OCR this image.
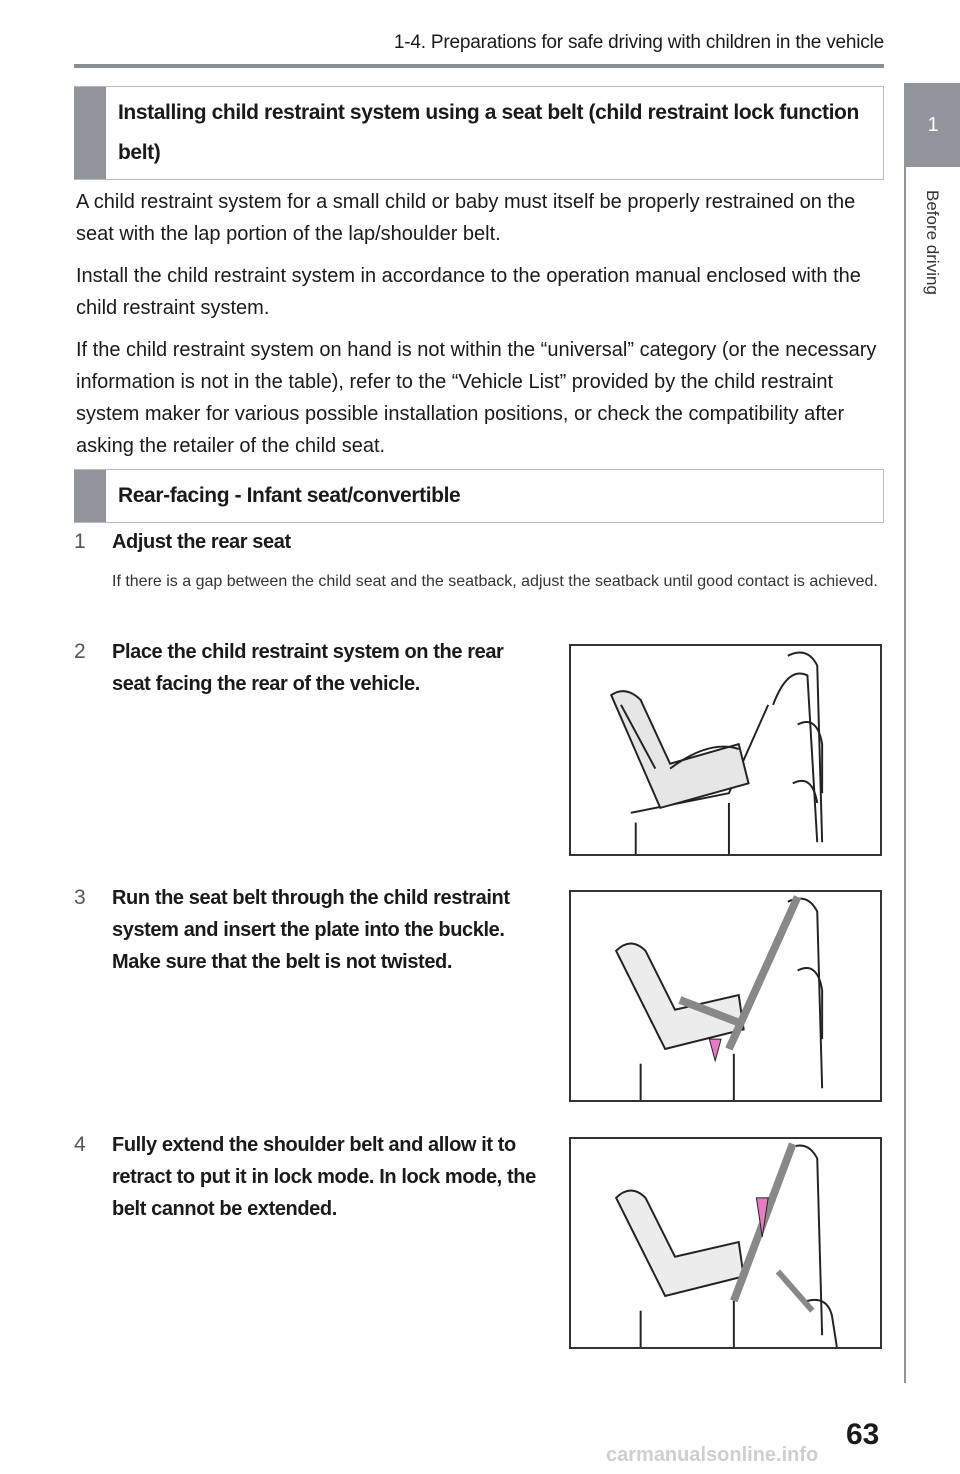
1-4. Preparations for safe driving with children in the vehicle
1
Before driving
Installing child restraint system using a seat belt (child restraint lock function belt)

A child restraint system for a small child or baby must itself be properly restrained on the seat with the lap portion of the lap/shoulder belt.

Install the child restraint system in accordance to the operation manual enclosed with the child restraint system.

If the child restraint system on hand is not within the “universal” category (or the necessary information is not in the table), refer to the “Vehicle List” provided by the child restraint system maker for various possible installation positions, or check the compatibility after asking the retailer of the child seat.

Rear-facing - Infant seat/convertible
1 Adjust the rear seat
If there is a gap between the child seat and the seatback, adjust the seatback until good contact is achieved.
2 Place the child restraint system on the rear seat facing the rear of the vehicle.
3 Run the seat belt through the child restraint system and insert the plate into the buckle. Make sure that the belt is not twisted.
4 Fully extend the shoulder belt and allow it to retract to put it in lock mode. In lock mode, the belt cannot be extended.
63
carmanualsonline.info
